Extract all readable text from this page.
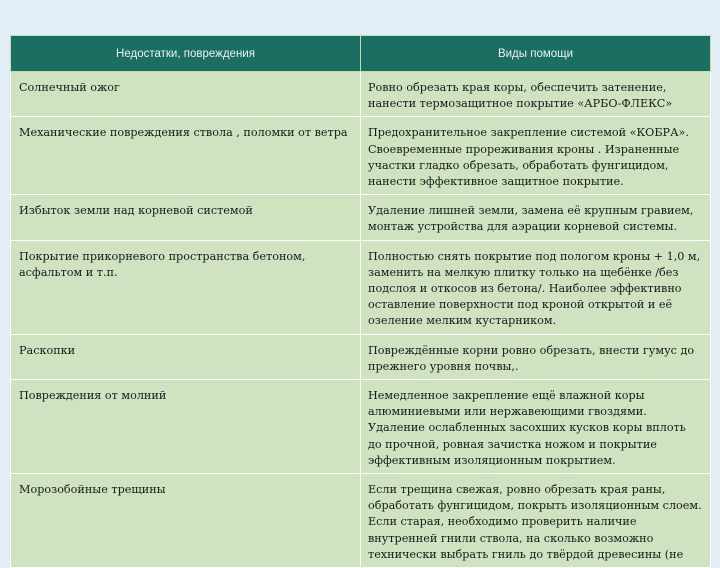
Недостатки, повреждения	Виды помощи
Солнечный ожог	Ровно обрезать края коры, обеспечить затенение,
нанести термозащитное покрытие «АРБО-ФЛЕКС»
Механические повреждения ствола , поломки от ветра	Предохранительное закрепление системой «КОБРА».
Своевременные прореживания кроны . Израненные
участки гладко обрезать, обработать фунгицидом,
нанести эффективное защитное покрытие.
Избыток земли над корневой системой	Удаление лишней земли, замена её крупным гравием,
монтаж устройства для аэрации корневой системы.
Покрытие прикорневого пространства бетоном,
асфальтом и т.п.	Полностью снять покрытие под пологом кроны + 1,0 м,
заменить на мелкую плитку только на щебёнке /без
подслоя и откосов из бетона/. Наиболее эффективно
оставление поверхности под кроной открытой и её
озеление мелким кустарником.
Раскопки	Повреждённые корни ровно обрезать, внести гумус до
прежнего уровня почвы,.
Повреждения от молний	Немедленное закрепление ещё влажной коры
алюминиевыми или нержавеющими гвоздями.
Удаление ослабленных засохших кусков коры вплоть
до прочной, ровная зачистка ножом и покрытие
эффективным изоляционным покрытием.
Морозобойные трещины	Если трещина свежая, ровно обрезать края раны,
обработать фунгицидом, покрыть изоляционным слоем.
Если старая, необходимо проверить наличие
внутренней гнили ствола, на сколько возможно
технически выбрать гниль до твёрдой древесины (не
